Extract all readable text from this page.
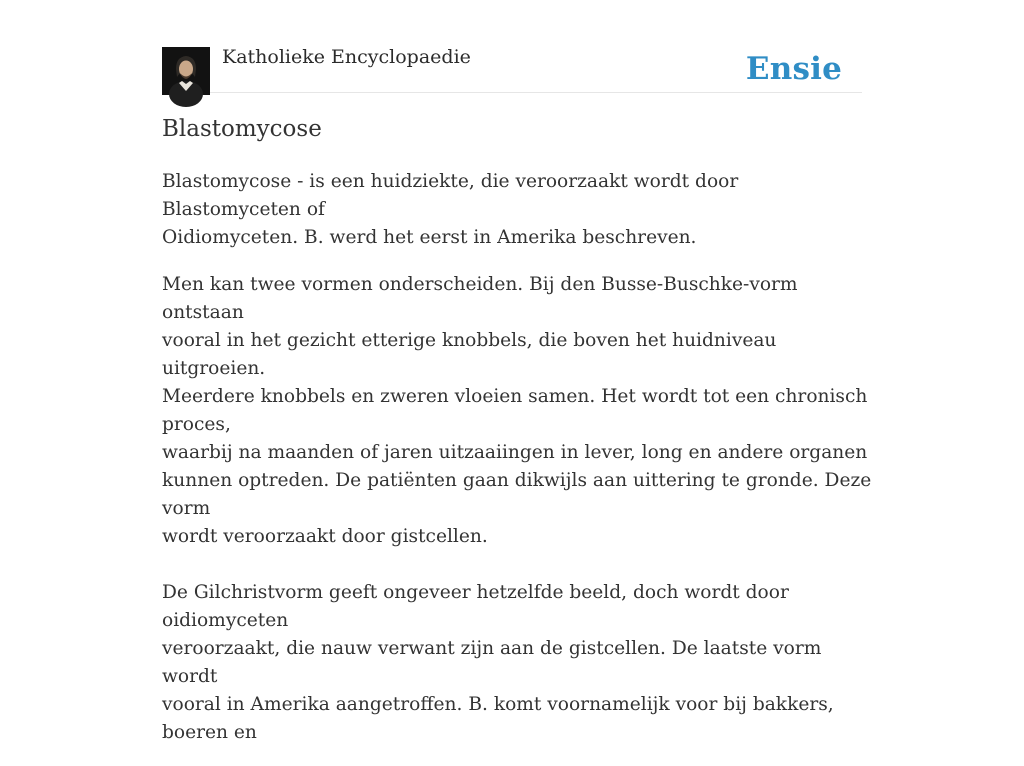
Katholieke Encyclopaedie	Ensie
Blastomycose

Blastomycose - is een huidziekte, die veroorzaakt wordt door Blastomyceten of
Oidiomyceten. B. werd het eerst in Amerika beschreven.

Men kan twee vormen onderscheiden. Bij den Busse-Buschke-vorm ontstaan
vooral in het gezicht etterige knobbels, die boven het huidniveau uitgroeien.
Meerdere knobbels en zweren vloeien samen. Het wordt tot een chronisch proces,
waarbij na maanden of jaren uitzaaiingen in lever, long en andere organen
kunnen optreden. De patiënten gaan dikwijls aan uittering te gronde. Deze vorm
wordt veroorzaakt door gistcellen.

De Gilchristvorm geeft ongeveer hetzelfde beeld, doch wordt door oidiomyceten
veroorzaakt, die nauw verwant zijn aan de gistcellen. De laatste vorm wordt
vooral in Amerika aangetroffen. B. komt voornamelijk voor bij bakkers, boeren en
